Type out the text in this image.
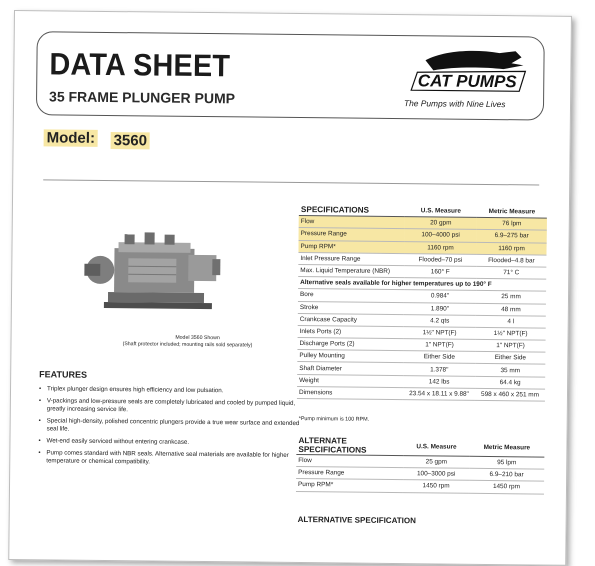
DATA SHEET
35 FRAME PLUNGER PUMP
CAT PUMPS
The Pumps with Nine Lives
Model: 3560
Model 3560 Shown
(Shaft protector included; mounting rails sold separately)
FEATURES
• Triplex plunger design ensures high efficiency and low pulsation.
• V-packings and low-pressure seals are completely lubricated and cooled by pumped liquid, greatly increasing service life.
• Special high-density, polished concentric plungers provide a true wear surface and extended seal life.
• Wet-end easily serviced without entering crankcase.
• Pump comes standard with NBR seals. Alternative seal materials are available for higher temperature or chemical compatibility.
SPECIFICATIONS	U.S. Measure	Metric Measure
Flow	20 gpm	76 lpm
Pressure Range	100–4000 psi	6.9–275 bar
Pump RPM*	1160 rpm	1160 rpm
Inlet Pressure Range	Flooded–70 psi	Flooded–4.8 bar
Max. Liquid Temperature (NBR)	160° F	71° C
Alternative seals available for higher temperatures up to 190° F		
Bore	0.984"	25 mm
Stroke	1.890"	48 mm
Crankcase Capacity	4.2 qts	4 l
Inlets Ports (2)	1½" NPT(F)	1½" NPT(F)
Discharge Ports (2)	1" NPT(F)	1" NPT(F)
Pulley Mounting	Either Side	Either Side
Shaft Diameter	1.378"	35 mm
Weight	142 lbs	64.4 kg
Dimensions	23.54 x 18.11 x 9.88"	598 x 460 x 251 mm
*Pump minimum is 100 RPM.
ALTERNATE
SPECIFICATIONS	U.S. Measure	Metric Measure
Flow	25 gpm	95 lpm
Pressure Range	100–3000 psi	6.9–210 bar
Pump RPM*	1450 rpm	1450 rpm
ALTERNATIVE SPECIFICATION
